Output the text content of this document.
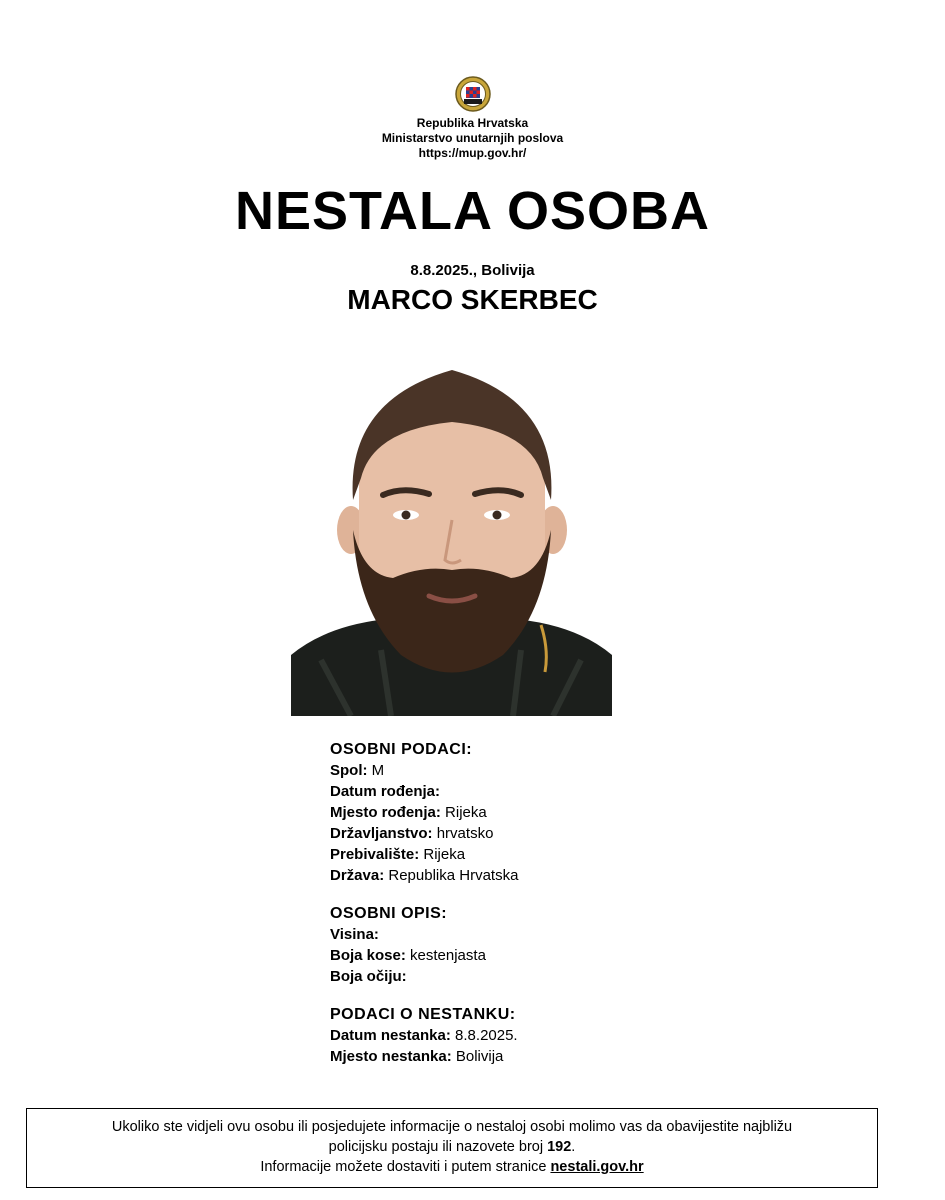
Republika Hrvatska
Ministarstvo unutarnjih poslova
https://mup.gov.hr/
NESTALA OSOBA
8.8.2025., Bolivija
MARCO SKERBEC
OSOBNI PODACI:
Spol: M
Datum rođenja:
Mjesto rođenja: Rijeka
Državljanstvo: hrvatsko
Prebivalište: Rijeka
Država: Republika Hrvatska
OSOBNI OPIS:
Visina:
Boja kose: kestenjasta
Boja očiju:
PODACI O NESTANKU:
Datum nestanka: 8.8.2025.
Mjesto nestanka: Bolivija
Ukoliko ste vidjeli ovu osobu ili posjedujete informacije o nestaloj osobi molimo vas da obavijestite najbližu
policijsku postaju ili nazovete broj 192.
Informacije možete dostaviti i putem stranice nestali.gov.hr
